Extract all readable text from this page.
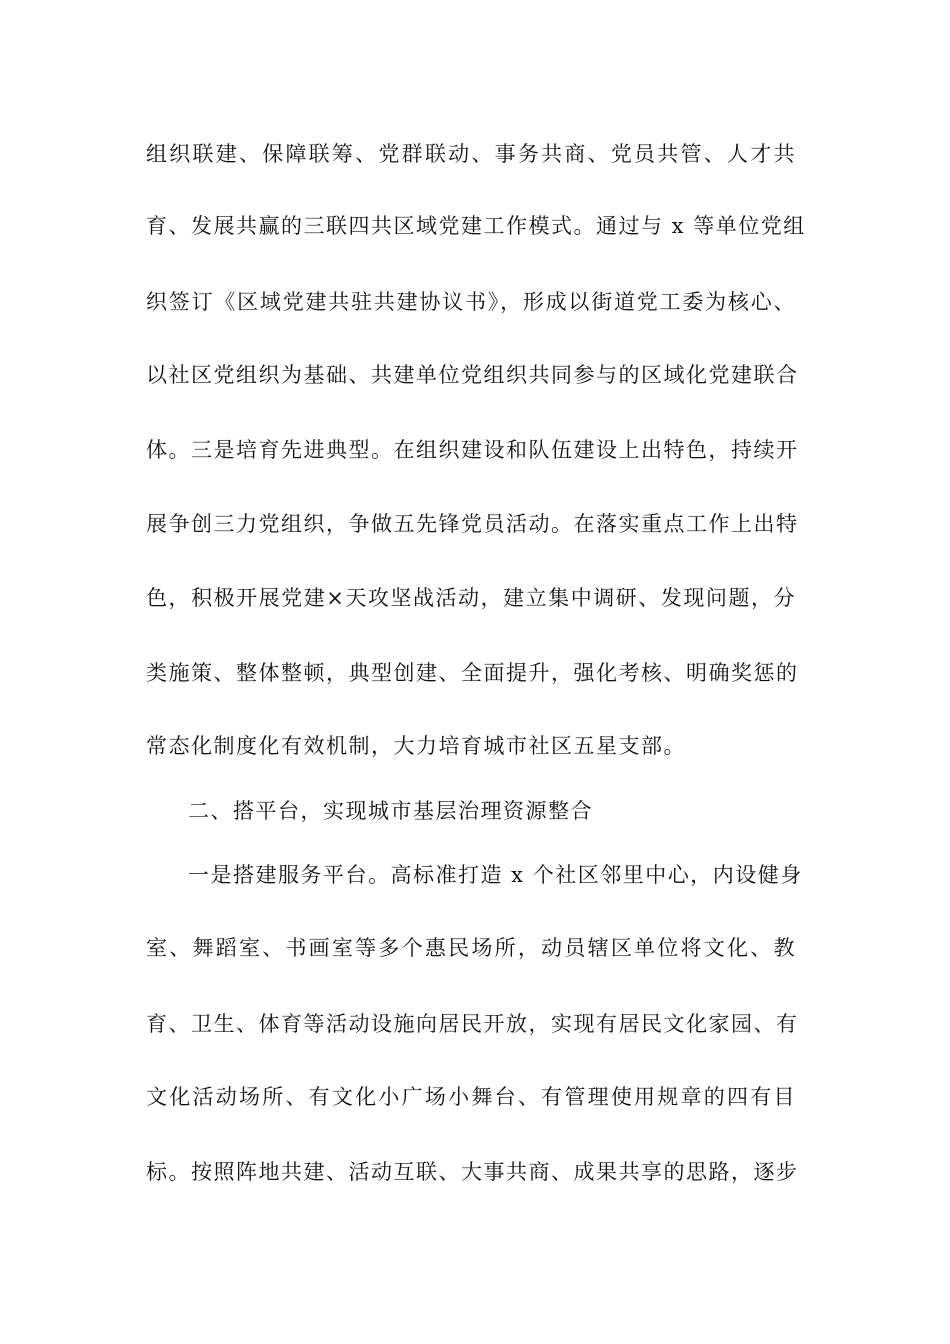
组织联建、保障联筹、党群联动、事务共商、党员共管、人才共
育、发展共赢的三联四共区域党建工作模式。通过与 x 等单位党组
织签订《区域党建共驻共建协议书》，形成以街道党工委为核心、
以社区党组织为基础、共建单位党组织共同参与的区域化党建联合
体。三是培育先进典型。在组织建设和队伍建设上出特色，持续开
展争创三力党组织，争做五先锋党员活动。在落实重点工作上出特
色，积极开展党建×天攻坚战活动，建立集中调研、发现问题，分
类施策、整体整顿，典型创建、全面提升，强化考核、明确奖惩的
常态化制度化有效机制，大力培育城市社区五星支部。
二、搭平台，实现城市基层治理资源整合
一是搭建服务平台。高标准打造 x 个社区邻里中心，内设健身
室、舞蹈室、书画室等多个惠民场所，动员辖区单位将文化、教
育、卫生、体育等活动设施向居民开放，实现有居民文化家园、有
文化活动场所、有文化小广场小舞台、有管理使用规章的四有目
标。按照阵地共建、活动互联、大事共商、成果共享的思路，逐步
